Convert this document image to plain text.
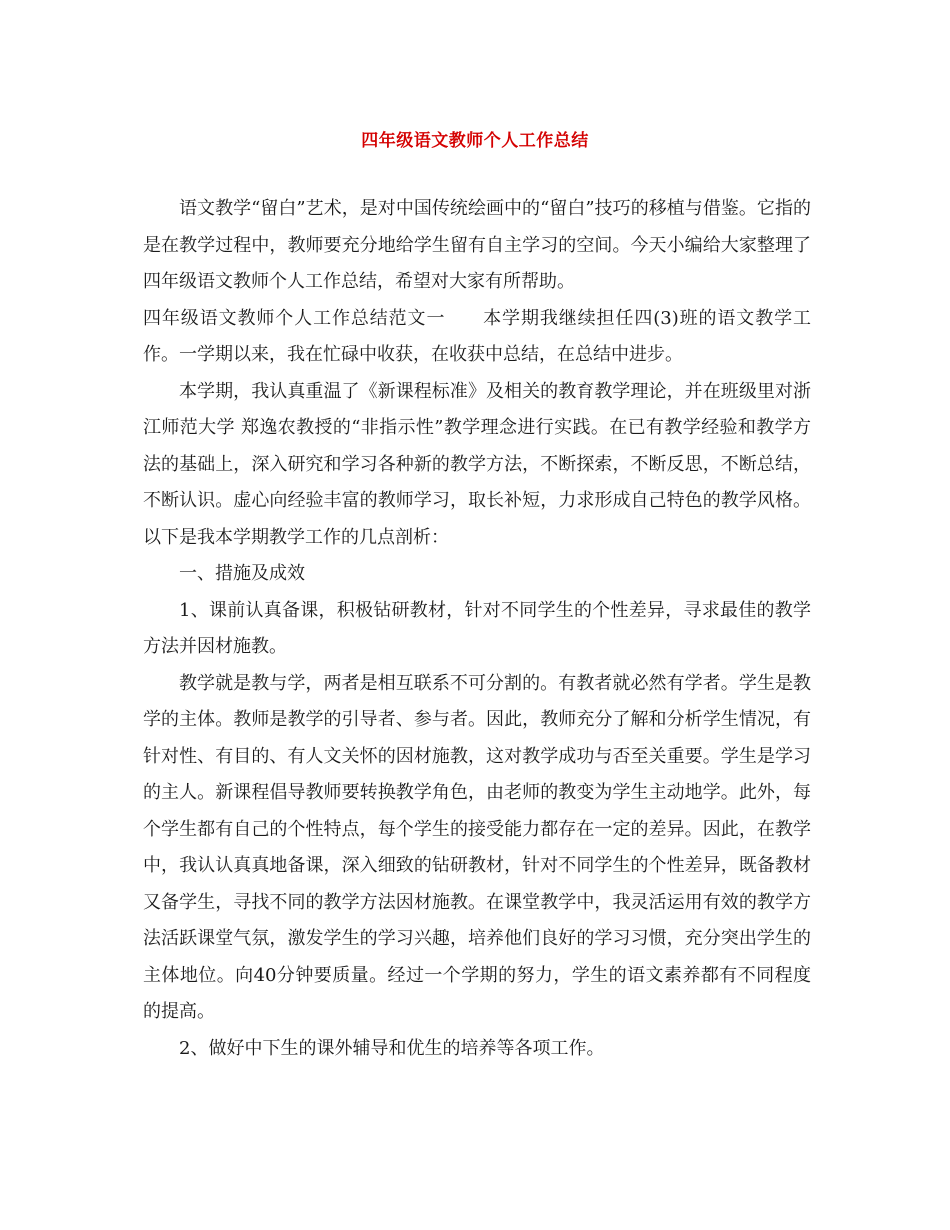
四年级语文教师个人工作总结

语文教学“留白”艺术，是对中国传统绘画中的“留白”技巧的移植与借鉴。它指的是在教学过程中，教师要充分地给学生留有自主学习的空间。今天小编给大家整理了四年级语文教师个人工作总结，希望对大家有所帮助。

四年级语文教师个人工作总结范文一　　本学期我继续担任四(3)班的语文教学工作。一学期以来，我在忙碌中收获，在收获中总结，在总结中进步。

本学期，我认真重温了《新课程标准》及相关的教育教学理论，并在班级里对浙江师范大学 郑逸农教授的“非指示性”教学理念进行实践。在已有教学经验和教学方法的基础上，深入研究和学习各种新的教学方法，不断探索，不断反思，不断总结，不断认识。虚心向经验丰富的教师学习，取长补短，力求形成自己特色的教学风格。以下是我本学期教学工作的几点剖析：

一、措施及成效

1、课前认真备课，积极钻研教材，针对不同学生的个性差异，寻求最佳的教学方法并因材施教。

教学就是教与学，两者是相互联系不可分割的。有教者就必然有学者。学生是教学的主体。教师是教学的引导者、参与者。因此，教师充分了解和分析学生情况，有针对性、有目的、有人文关怀的因材施教，这对教学成功与否至关重要。学生是学习的主人。新课程倡导教师要转换教学角色，由老师的教变为学生主动地学。此外，每个学生都有自己的个性特点，每个学生的接受能力都存在一定的差异。因此，在教学中，我认认真真地备课，深入细致的钻研教材，针对不同学生的个性差异，既备教材又备学生，寻找不同的教学方法因材施教。在课堂教学中，我灵活运用有效的教学方法活跃课堂气氛，激发学生的学习兴趣，培养他们良好的学习习惯，充分突出学生的主体地位。向40分钟要质量。经过一个学期的努力，学生的语文素养都有不同程度的提高。

2、做好中下生的课外辅导和优生的培养等各项工作。
